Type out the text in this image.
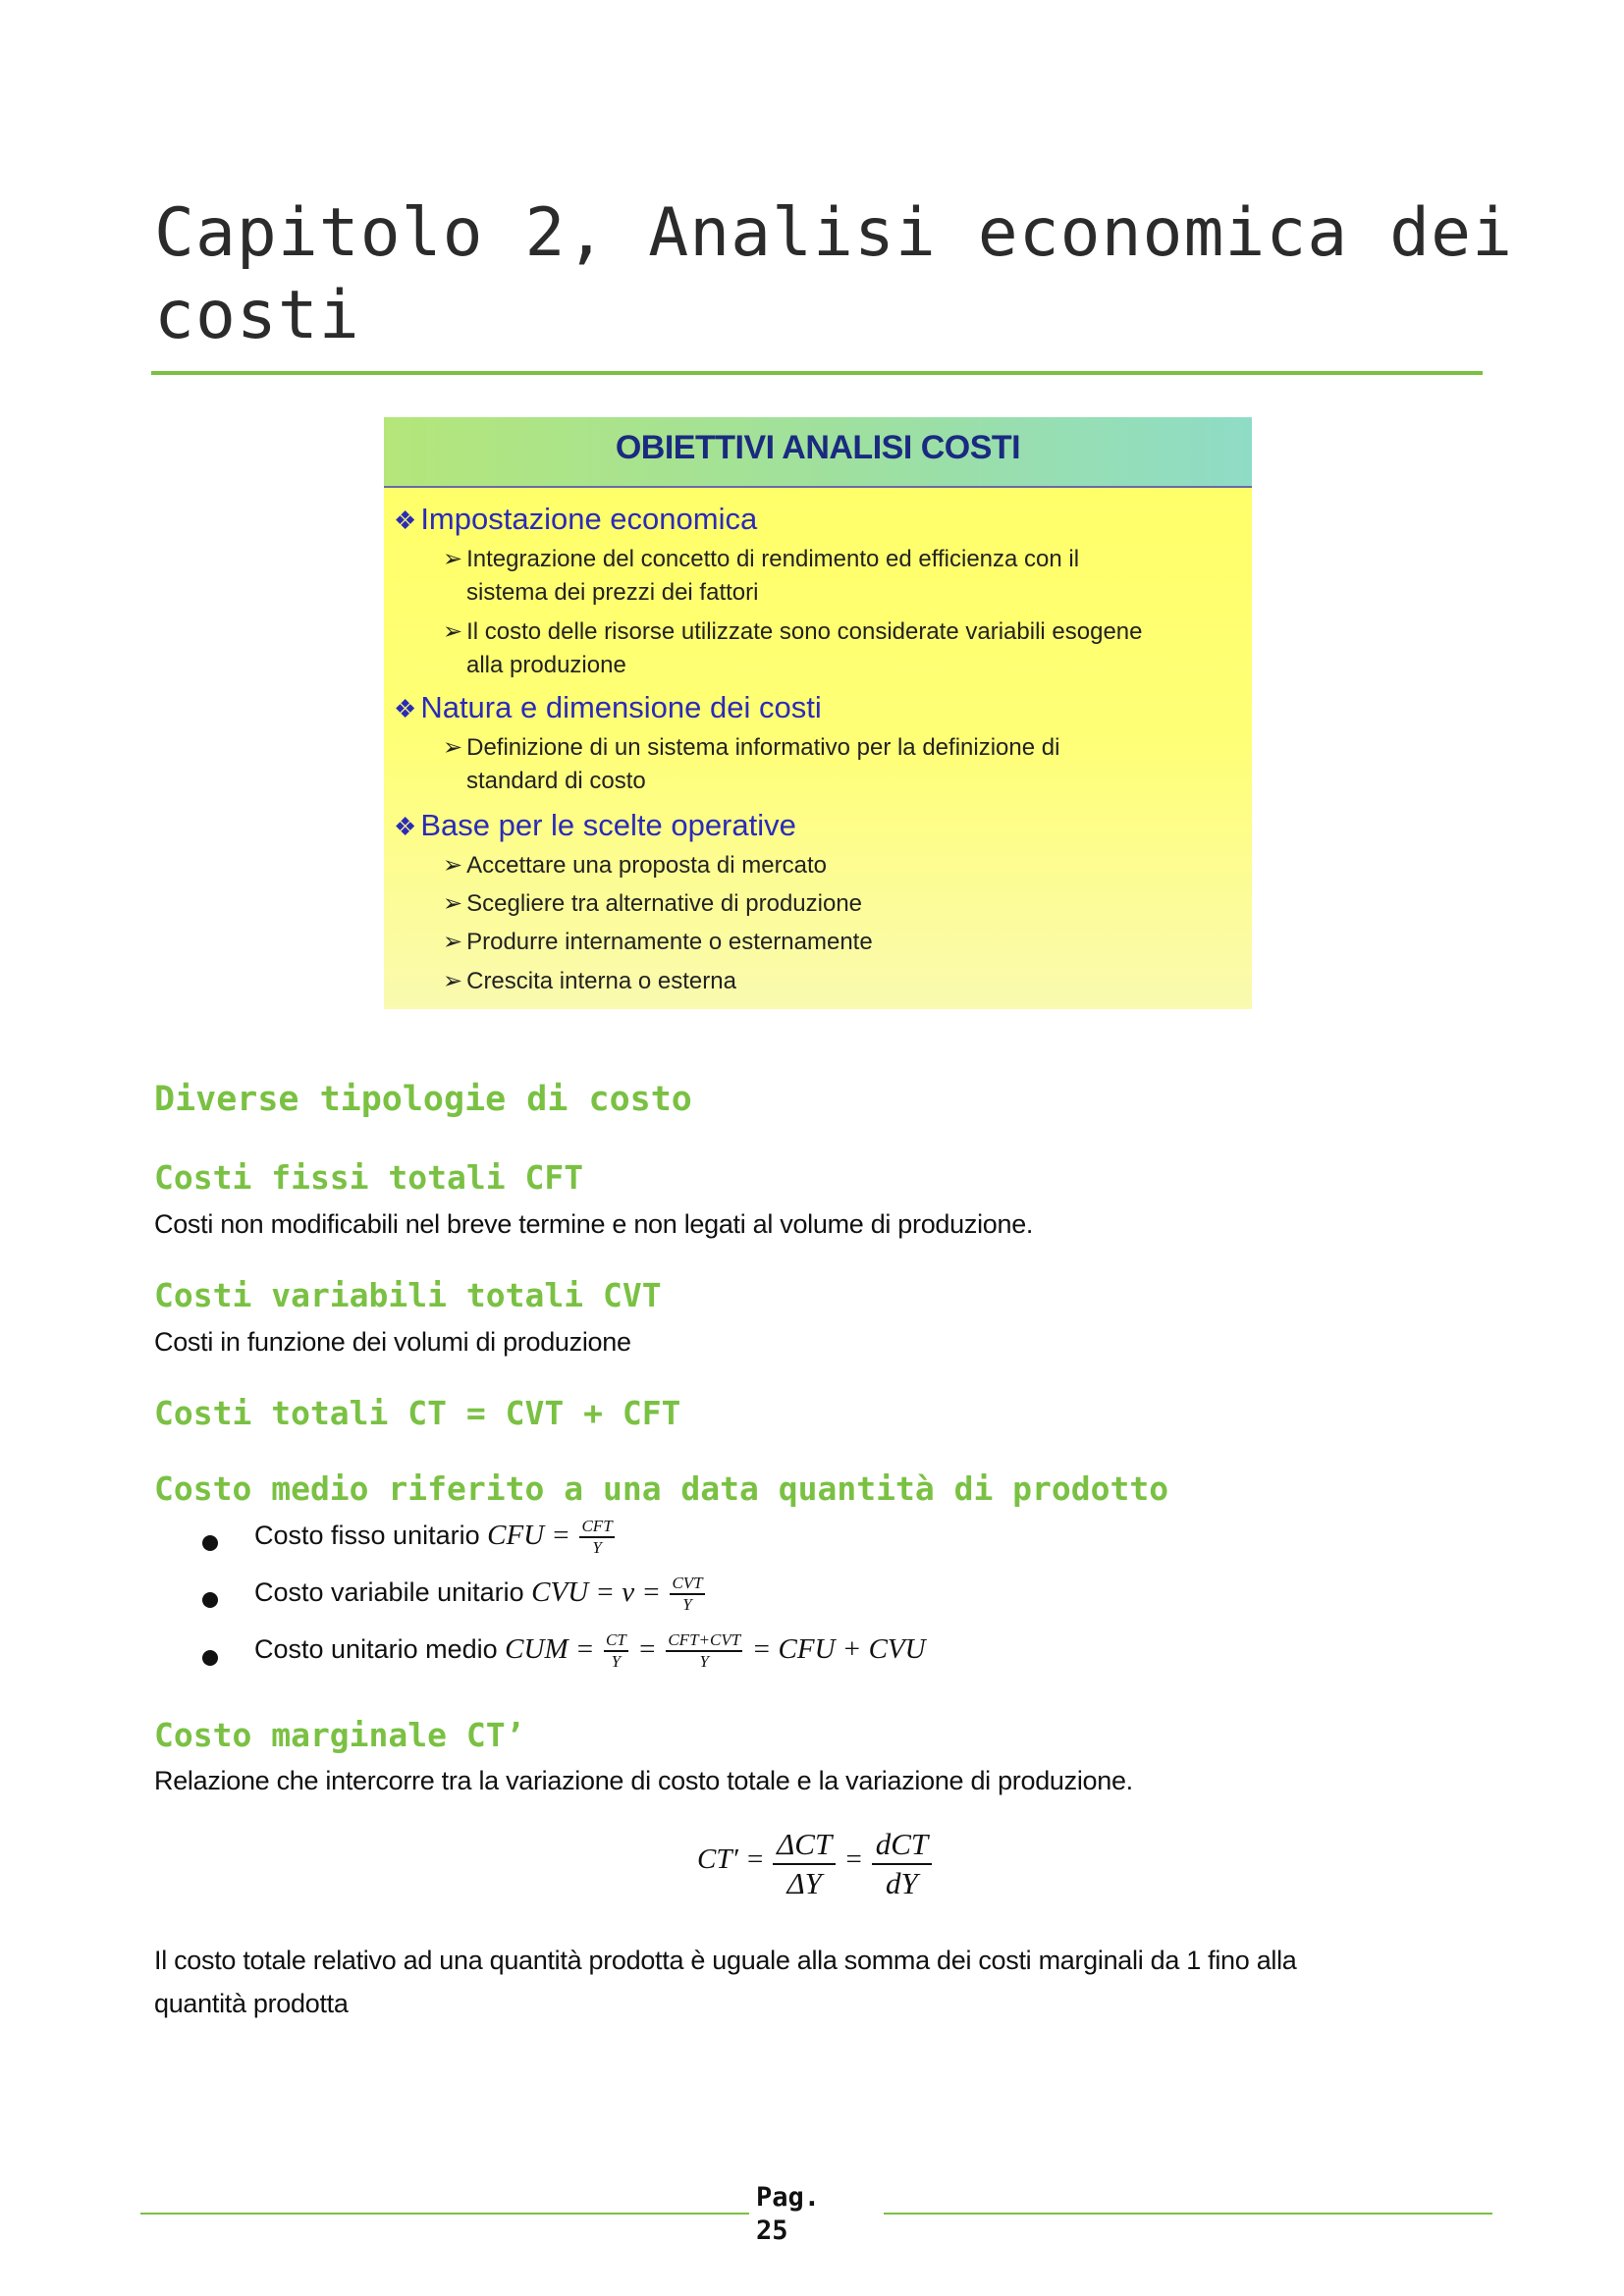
Capitolo 2, Analisi economica dei costi
OBIETTIVI ANALISI COSTI
❖ Impostazione economica
➢ Integrazione del concetto di rendimento ed efficienza con il
sistema dei prezzi dei fattori
➢ Il costo delle risorse utilizzate sono considerate variabili esogene
alla produzione
❖ Natura e dimensione dei costi
➢ Definizione di un sistema informativo per la definizione di
standard di costo
❖ Base per le scelte operative
➢ Accettare una proposta di mercato
➢ Scegliere tra alternative di produzione
➢ Produrre internamente o esternamente
➢ Crescita interna o esterna
Diverse tipologie di costo
Costi fissi totali CFT

Costi non modificabili nel breve termine e non legati al volume di produzione.

Costi variabili totali CVT

Costi in funzione dei volumi di produzione

Costi totali CT = CVT + CFT
Costo medio riferito a una data quantità di prodotto
Costo fisso unitario CFU = $\frac{\text{CFT}}{Y}$
Costo variabile unitario CVU = $v = \frac{\text{CVT}}{Y}$
Costo unitario medio CUM = $\frac{CT}{Y} = \frac{\text{CFT+CVT}}{Y}$ = CFU + CVU
Costo marginale CT’

Relazione che intercorre tra la variazione di costo totale e la variazione di produzione.

$CT' = \frac{\text{ΔCT}}{\Delta Y} = \frac{\text{dCT}}{dY}$

Il costo totale relativo ad una quantità prodotta è uguale alla somma dei costi marginali da 1 fino alla
quantità prodotta

Pag.
25
